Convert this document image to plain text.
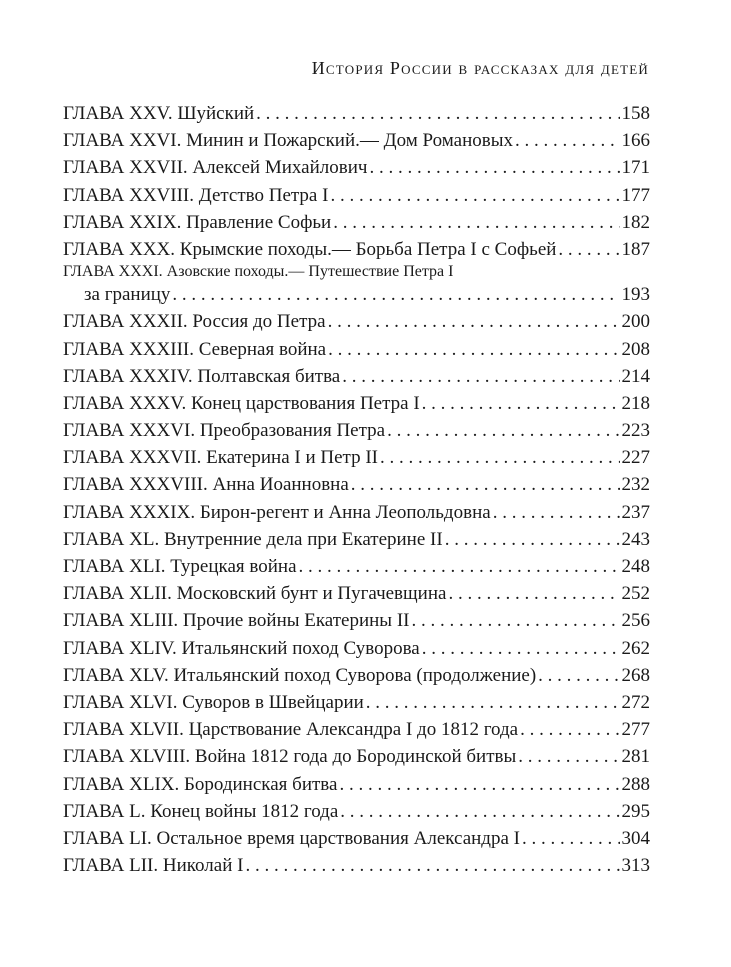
История России в рассказах для детей
ГЛАВА XXV. Шуйский . . .	158
ГЛАВА XXVI. Минин и Пожарский.— Дом Романовых . . .	166
ГЛАВА XXVII. Алексей Михайлович . . .	171
ГЛАВА XXVIII. Детство Петра I . . .	177
ГЛАВА XXIX. Правление Софьи . . .	182
ГЛАВА XXX. Крымские походы.— Борьба Петра I с Софьей . . .	187
ГЛАВА XXXI. Азовские походы.— Путешествие Петра I
за границу . . .	193
ГЛАВА XXXII. Россия до Петра . . .	200
ГЛАВА XXXIII. Северная война . . .	208
ГЛАВА XXXIV. Полтавская битва . . .	214
ГЛАВА XXXV. Конец царствования Петра I . . .	218
ГЛАВА XXXVI. Преобразования Петра . . .	223
ГЛАВА XXXVII. Екатерина I и Петр II . . .	227
ГЛАВА XXXVIII. Анна Иоанновна . . .	232
ГЛАВА XXXIX. Бирон-регент и Анна Леопольдовна . . .	237
ГЛАВА XL. Внутренние дела при Екатерине II . . .	243
ГЛАВА XLI. Турецкая война . . .	248
ГЛАВА XLII. Московский бунт и Пугачевщина . . .	252
ГЛАВА XLIII. Прочие войны Екатерины II . . .	256
ГЛАВА XLIV. Итальянский поход Суворова . . .	262
ГЛАВА XLV. Итальянский поход Суворова (продолжение) . . .	268
ГЛАВА XLVI. Суворов в Швейцарии . . .	272
ГЛАВА XLVII. Царствование Александра I до 1812 года . . .	277
ГЛАВА XLVIII. Война 1812 года до Бородинской битвы . . .	281
ГЛАВА XLIX. Бородинская битва . . .	288
ГЛАВА L. Конец войны 1812 года . . .	295
ГЛАВА LI. Остальное время царствования Александра I . . .	304
ГЛАВА LII. Николай I . . .	313
